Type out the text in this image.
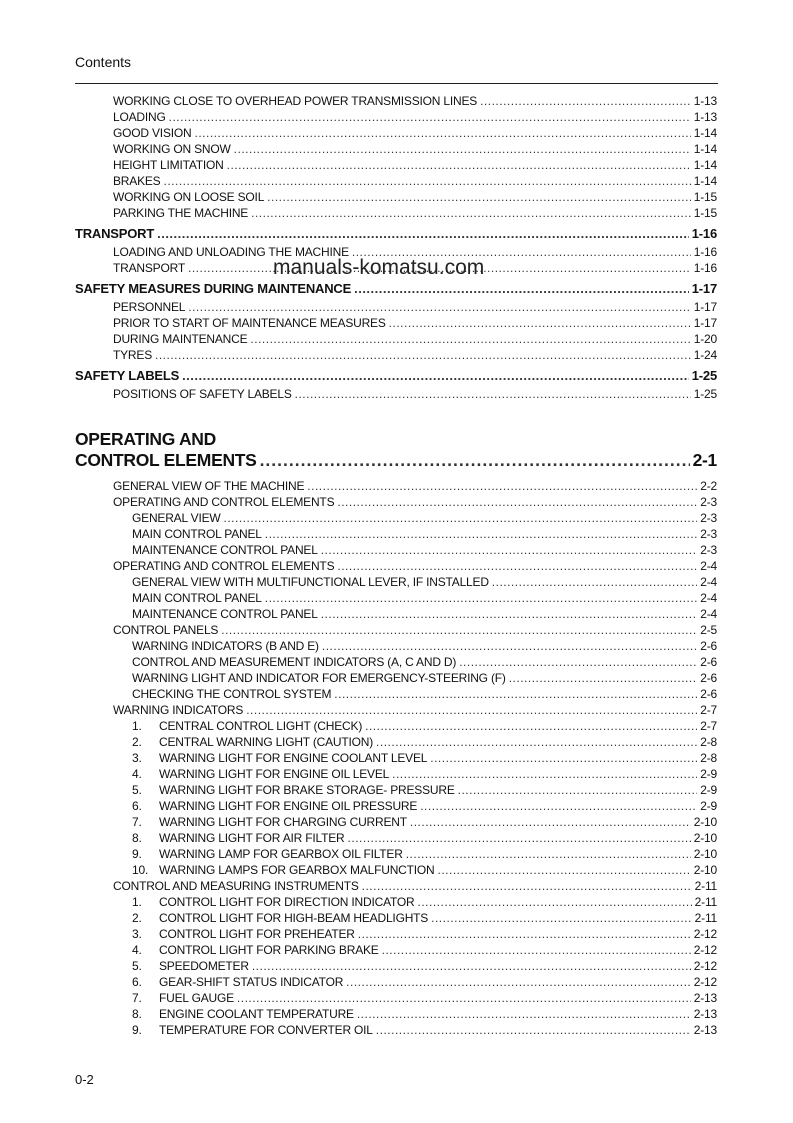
Contents
WORKING CLOSE TO OVERHEAD POWER TRANSMISSION LINES .....	1-13
LOADING .....	1-13
GOOD VISION .....	1-14
WORKING ON SNOW .....	1-14
HEIGHT LIMITATION .....	1-14
BRAKES .....	1-14
WORKING ON LOOSE SOIL .....	1-15
PARKING THE MACHINE .....	1-15
TRANSPORT .....	1-16
LOADING AND UNLOADING THE MACHINE .....	1-16
TRANSPORT .....	1-16
SAFETY MEASURES DURING MAINTENANCE .....	1-17
PERSONNEL .....	1-17
PRIOR TO START OF MAINTENANCE MEASURES .....	1-17
DURING MAINTENANCE .....	1-20
TYRES .....	1-24
SAFETY LABELS .....	1-25
POSITIONS OF SAFETY LABELS .....	1-25
OPERATING AND
CONTROL ELEMENTS .....	2-1
GENERAL VIEW OF THE MACHINE .....	2-2
OPERATING AND CONTROL ELEMENTS .....	2-3
GENERAL VIEW .....	2-3
MAIN CONTROL PANEL .....	2-3
MAINTENANCE CONTROL PANEL .....	2-3
OPERATING AND CONTROL ELEMENTS .....	2-4
GENERAL VIEW WITH MULTIFUNCTIONAL LEVER, IF INSTALLED .....	2-4
MAIN CONTROL PANEL .....	2-4
MAINTENANCE CONTROL PANEL .....	2-4
CONTROL PANELS .....	2-5
WARNING INDICATORS (B AND E) .....	2-6
CONTROL AND MEASUREMENT INDICATORS (A, C AND D) .....	2-6
WARNING LIGHT AND INDICATOR FOR EMERGENCY-STEERING (F) .....	2-6
CHECKING THE CONTROL SYSTEM .....	2-6
WARNING INDICATORS .....	2-7
1.	CENTRAL CONTROL LIGHT (CHECK) .....	2-7
2.	CENTRAL WARNING LIGHT (CAUTION) .....	2-8
3.	WARNING LIGHT FOR ENGINE COOLANT LEVEL .....	2-8
4.	WARNING LIGHT FOR ENGINE OIL LEVEL .....	2-9
5.	WARNING LIGHT FOR BRAKE STORAGE- PRESSURE .....	2-9
6.	WARNING LIGHT FOR ENGINE OIL PRESSURE .....	2-9
7.	WARNING LIGHT FOR CHARGING CURRENT .....	2-10
8.	WARNING LIGHT FOR AIR FILTER .....	2-10
9.	WARNING LAMP FOR GEARBOX OIL FILTER .....	2-10
10. WARNING LAMPS FOR GEARBOX MALFUNCTION .....	2-10
CONTROL AND MEASURING INSTRUMENTS .....	2-11
1.	CONTROL LIGHT FOR DIRECTION INDICATOR .....	2-11
2.	CONTROL LIGHT FOR HIGH-BEAM HEADLIGHTS .....	2-11
3.	CONTROL LIGHT FOR PREHEATER .....	2-12
4.	CONTROL LIGHT FOR PARKING BRAKE .....	2-12
5.	SPEEDOMETER .....	2-12
6.	GEAR-SHIFT STATUS INDICATOR .....	2-12
7.	FUEL GAUGE .....	2-13
8.	ENGINE COOLANT TEMPERATURE .....	2-13
9.	TEMPERATURE FOR CONVERTER OIL .....	2-13
manuals-komatsu.com
0-2
